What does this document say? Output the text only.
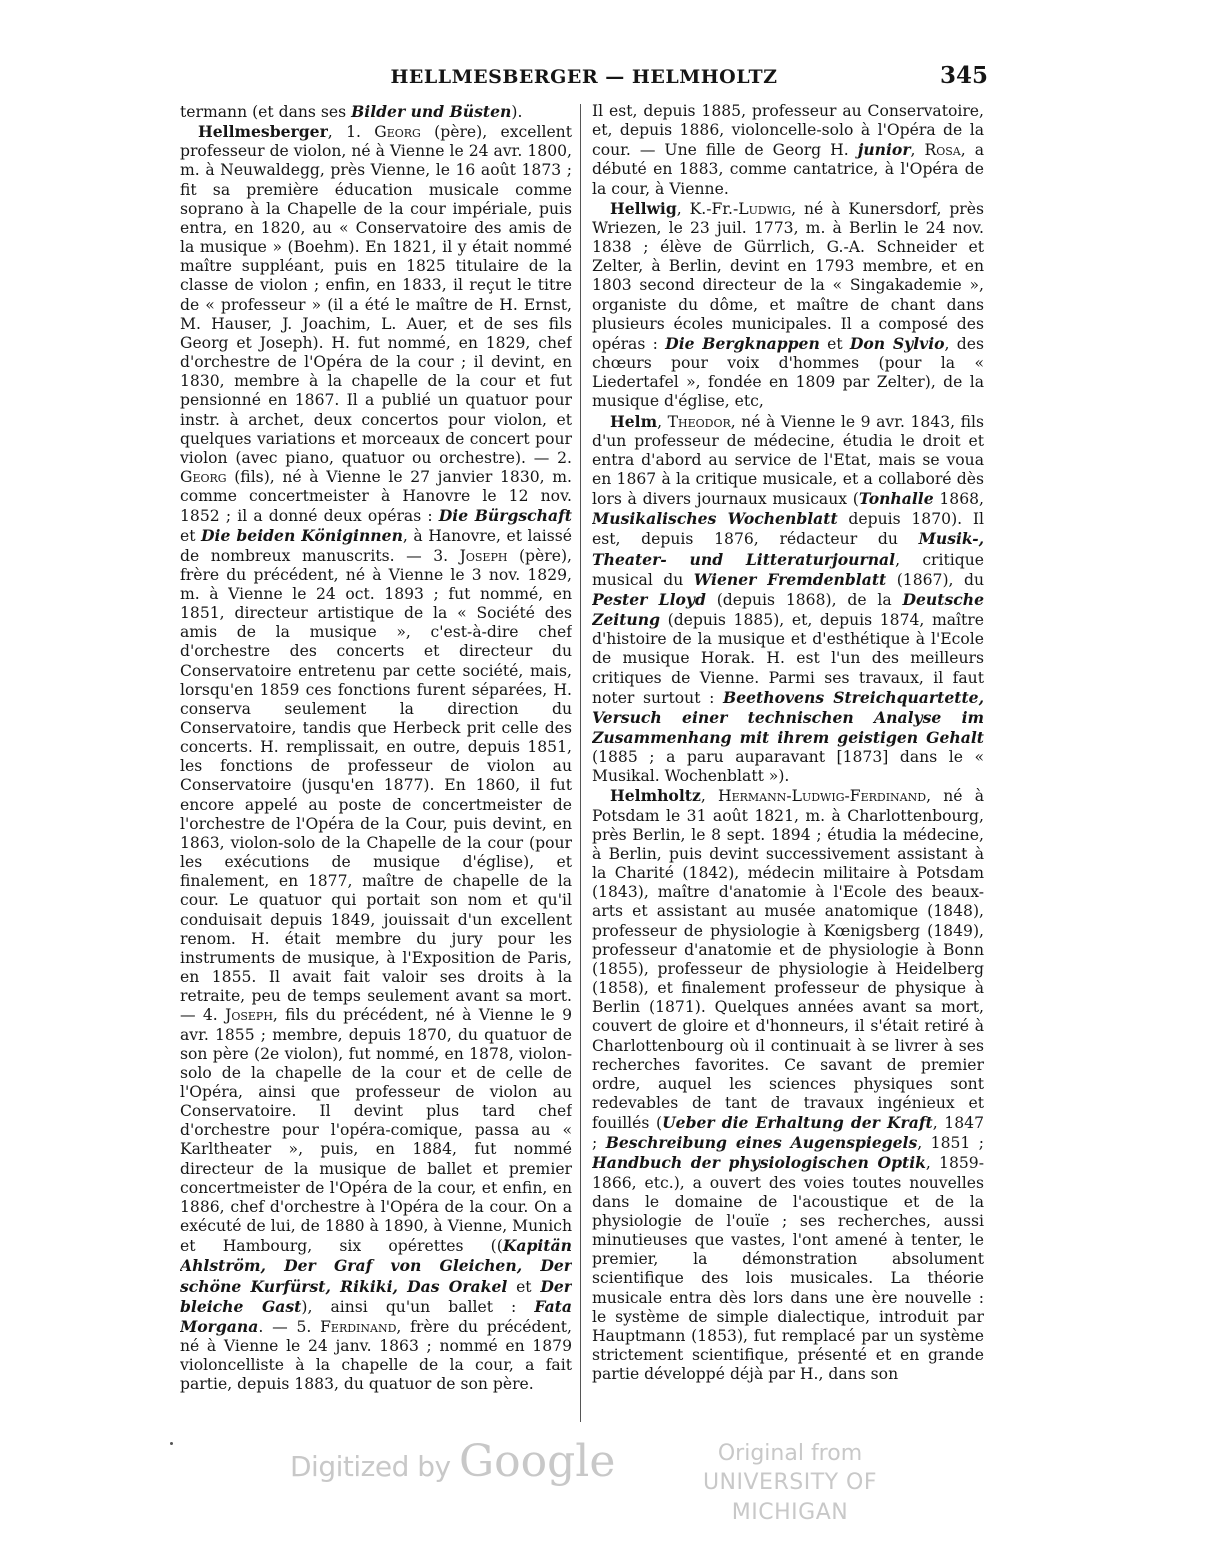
HELLMESBERGER — HELMHOLTZ	345

termann (et dans ses Bilder und Büsten).

Hellmesberger, 1. Georg (père), excellent professeur de violon, né à Vienne le 24 avr. 1800, m. à Neuwaldegg, près Vienne, le 16 août 1873 ; fit sa première éducation musicale comme soprano à la Chapelle de la cour impériale, puis entra, en 1820, au « Conservatoire des amis de la musique » (Boehm). En 1821, il y était nommé maître suppléant, puis en 1825 titulaire de la classe de violon ; enfin, en 1833, il reçut le titre de « professeur » (il a été le maître de H. Ernst, M. Hauser, J. Joachim, L. Auer, et de ses fils Georg et Joseph). H. fut nommé, en 1829, chef d'orchestre de l'Opéra de la cour ; il devint, en 1830, membre à la chapelle de la cour et fut pensionné en 1867. Il a publié un quatuor pour instr. à archet, deux concertos pour violon, et quelques variations et morceaux de concert pour violon (avec piano, quatuor ou orchestre). — 2. Georg (fils), né à Vienne le 27 janvier 1830, m. comme concertmeister à Hanovre le 12 nov. 1852 ; il a donné deux opéras : Die Bürgschaft et Die beiden Königinnen, à Hanovre, et laissé de nombreux manuscrits. — 3. Joseph (père), frère du précédent, né à Vienne le 3 nov. 1829, m. à Vienne le 24 oct. 1893 ; fut nommé, en 1851, directeur artistique de la « Société des amis de la musique », c'est-à-dire chef d'orchestre des concerts et directeur du Conservatoire entretenu par cette société, mais, lorsqu'en 1859 ces fonctions furent séparées, H. conserva seulement la direction du Conservatoire, tandis que Herbeck prit celle des concerts. H. remplissait, en outre, depuis 1851, les fonctions de professeur de violon au Conservatoire (jusqu'en 1877). En 1860, il fut encore appelé au poste de concertmeister de l'orchestre de l'Opéra de la Cour, puis devint, en 1863, violon-solo de la Chapelle de la cour (pour les exécutions de musique d'église), et finalement, en 1877, maître de chapelle de la cour. Le quatuor qui portait son nom et qu'il conduisait depuis 1849, jouissait d'un excellent renom. H. était membre du jury pour les instruments de musique, à l'Exposition de Paris, en 1855. Il avait fait valoir ses droits à la retraite, peu de temps seulement avant sa mort. — 4. Joseph, fils du précédent, né à Vienne le 9 avr. 1855 ; membre, depuis 1870, du quatuor de son père (2e violon), fut nommé, en 1878, violon-solo de la chapelle de la cour et de celle de l'Opéra, ainsi que professeur de violon au Conservatoire. Il devint plus tard chef d'orchestre pour l'opéra-comique, passa au « Karltheater », puis, en 1884, fut nommé directeur de la musique de ballet et premier concertmeister de l'Opéra de la cour, et enfin, en 1886, chef d'orchestre à l'Opéra de la cour. On a exécuté de lui, de 1880 à 1890, à Vienne, Munich et Hambourg, six opérettes ((Kapitän Ahlström, Der Graf von Gleichen, Der schöne Kurfürst, Rikiki, Das Orakel et Der bleiche Gast), ainsi qu'un ballet : Fata Morgana. — 5. Ferdinand, frère du précédent, né à Vienne le 24 janv. 1863 ; nommé en 1879 violoncelliste à la chapelle de la cour, a fait partie, depuis 1883, du quatuor de son père.

Il est, depuis 1885, professeur au Conservatoire, et, depuis 1886, violoncelle-solo à l'Opéra de la cour. — Une fille de Georg H. junior, Rosa, a débuté en 1883, comme cantatrice, à l'Opéra de la cour, à Vienne.

Hellwig, K.-Fr.-Ludwig, né à Kunersdorf, près Wriezen, le 23 juil. 1773, m. à Berlin le 24 nov. 1838 ; élève de Gürrlich, G.-A. Schneider et Zelter, à Berlin, devint en 1793 membre, et en 1803 second directeur de la « Singakademie », organiste du dôme, et maître de chant dans plusieurs écoles municipales. Il a composé des opéras : Die Bergknappen et Don Sylvio, des chœurs pour voix d'hommes (pour la « Liedertafel », fondée en 1809 par Zelter), de la musique d'église, etc,

Helm, Theodor, né à Vienne le 9 avr. 1843, fils d'un professeur de médecine, étudia le droit et entra d'abord au service de l'Etat, mais se voua en 1867 à la critique musicale, et a collaboré dès lors à divers journaux musicaux (Tonhalle 1868, Musikalisches Wochenblatt depuis 1870). Il est, depuis 1876, rédacteur du Musik-, Theater- und Litteraturjournal, critique musical du Wiener Fremdenblatt (1867), du Pester Lloyd (depuis 1868), de la Deutsche Zeitung (depuis 1885), et, depuis 1874, maître d'histoire de la musique et d'esthétique à l'Ecole de musique Horak. H. est l'un des meilleurs critiques de Vienne. Parmi ses travaux, il faut noter surtout : Beethovens Streichquartette, Versuch einer technischen Analyse im Zusammenhang mit ihrem geistigen Gehalt (1885 ; a paru auparavant [1873] dans le « Musikal. Wochenblatt »).

Helmholtz, Hermann-Ludwig-Ferdinand, né à Potsdam le 31 août 1821, m. à Charlottenbourg, près Berlin, le 8 sept. 1894 ; étudia la médecine, à Berlin, puis devint successivement assistant à la Charité (1842), médecin militaire à Potsdam (1843), maître d'anatomie à l'Ecole des beaux-arts et assistant au musée anatomique (1848), professeur de physiologie à Kœnigsberg (1849), professeur d'anatomie et de physiologie à Bonn (1855), professeur de physiologie à Heidelberg (1858), et finalement professeur de physique à Berlin (1871). Quelques années avant sa mort, couvert de gloire et d'honneurs, il s'était retiré à Charlottenbourg où il continuait à se livrer à ses recherches favorites. Ce savant de premier ordre, auquel les sciences physiques sont redevables de tant de travaux ingénieux et fouillés (Ueber die Erhaltung der Kraft, 1847 ; Beschreibung eines Augenspiegels, 1851 ; Handbuch der physiologischen Optik, 1859-1866, etc.), a ouvert des voies toutes nouvelles dans le domaine de l'acoustique et de la physiologie de l'ouïe ; ses recherches, aussi minutieuses que vastes, l'ont amené à tenter, le premier, la démonstration absolument scientifique des lois musicales. La théorie musicale entra dès lors dans une ère nouvelle : le système de simple dialectique, introduit par Hauptmann (1853), fut remplacé par un système strictement scientifique, présenté et en grande partie développé déjà par H., dans son

Digitized by Google	Original from
UNIVERSITY OF MICHIGAN
